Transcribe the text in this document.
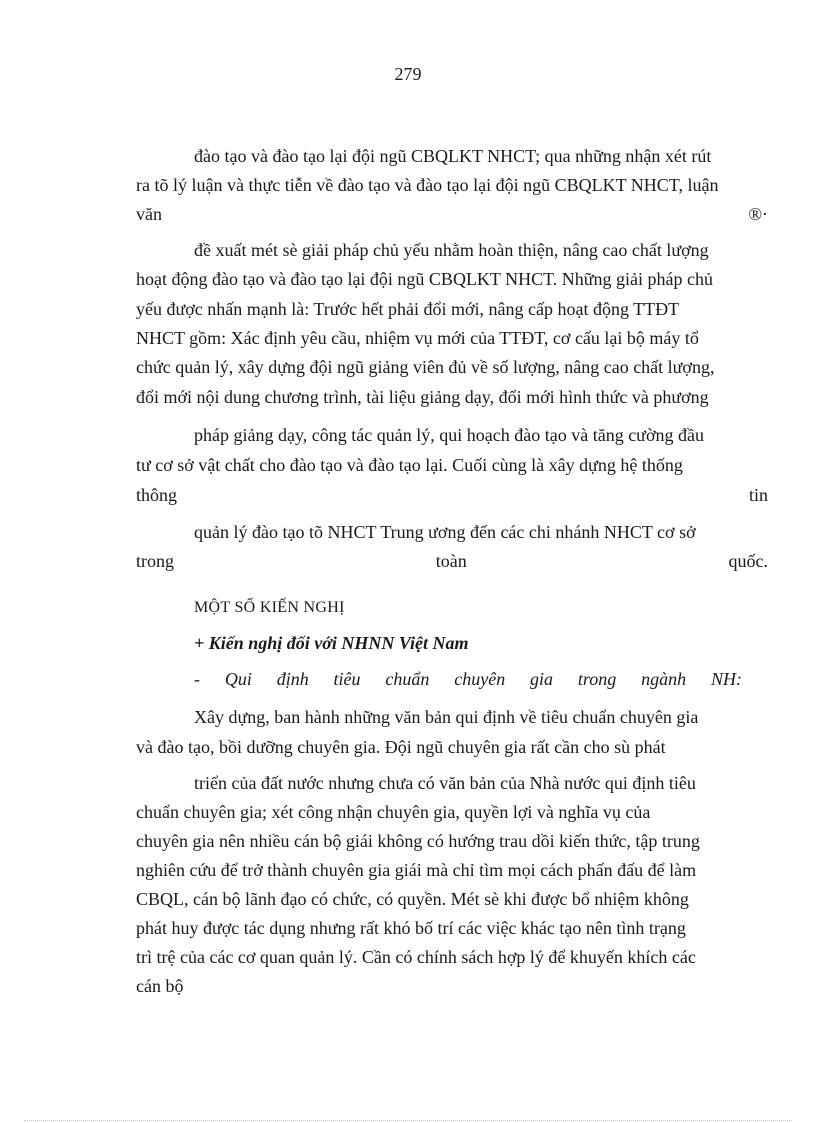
279
đào tạo và đào tạo lại đội ngũ CBQLKT NHCT; qua những nhận xét rút
ra tõ lý luận và thực tiễn về đào tạo và đào tạo lại đội ngũ CBQLKT NHCT, luận
văn	®·
đề xuất mét sè giải pháp chủ yếu nhằm hoàn thiện, nâng cao chất lượng
hoạt động đào tạo và đào tạo lại đội ngũ CBQLKT NHCT. Những giải pháp chủ
yếu được nhấn mạnh là: Trước hết phải đổi mới, nâng cấp hoạt động TTĐT
NHCT gồm: Xác định yêu cầu, nhiệm vụ mới của TTĐT, cơ cấu lại bộ máy tổ
chức quản lý, xây dựng đội ngũ giảng viên đủ về số lượng, nâng cao chất lượng,
đổi mới nội dung chương trình, tài liệu giảng dạy, đổi mới hình thức và phương
pháp giảng dạy, công tác quản lý, qui hoạch đào tạo và tăng cường đầu
tư cơ sở vật chất cho đào tạo và đào tạo lại. Cuối cùng là xây dựng hệ thống
thông	tin
quản lý đào tạo tõ NHCT Trung ương đến các chi nhánh NHCT cơ sở
trong	toàn	quốc.
MỘT SỐ KIẾN NGHỊ
+ Kiến nghị đối với NHNN Việt Nam
- Qui định tiêu chuẩn chuyên gia trong ngành NH:
Xây dựng, ban hành những văn bản qui định về tiêu chuẩn chuyên gia
và đào tạo, bồi dưỡng chuyên gia. Đội ngũ chuyên gia rất cần cho sù phát
triển của đất nước nhưng chưa có văn bản của Nhà nước qui định tiêu
chuẩn chuyên gia; xét công nhận chuyên gia, quyền lợi và nghĩa vụ của
chuyên gia nên nhiều cán bộ giái không có hướng trau dồi kiến thức, tập trung
nghiên cứu để trở thành chuyên gia giái mà chỉ tìm mọi cách phấn đấu để làm
CBQL, cán bộ lãnh đạo có chức, có quyền. Mét sè khi được bổ nhiệm không
phát huy được tác dụng nhưng rất khó bố trí các việc khác tạo nên tình trạng
trì trệ của các cơ quan quản lý. Cần có chính sách hợp lý để khuyến khích các
cán bộ
